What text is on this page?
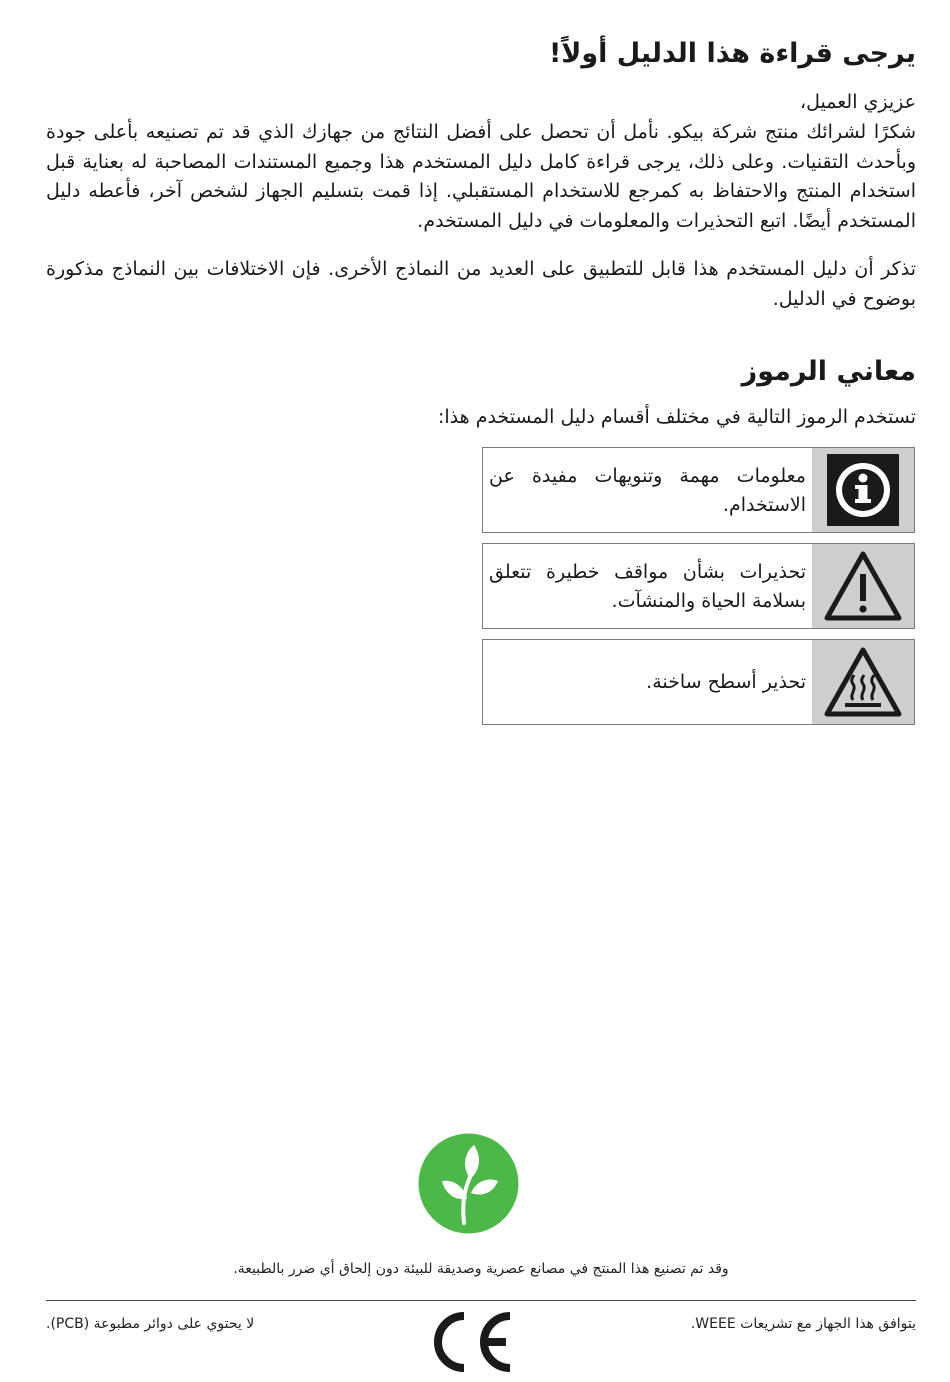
يرجى قراءة هذا الدليل أولاً!
عزيزي العميل،
شكرًا لشرائك منتج شركة بيكو. نأمل أن تحصل على أفضل النتائج من جهازك الذي قد تم تصنيعه بأعلى جودة وبأحدث التقنيات. وعلى ذلك، يرجى قراءة كامل دليل المستخدم هذا وجميع المستندات المصاحبة له بعناية قبل استخدام المنتج والاحتفاظ به كمرجع للاستخدام المستقبلي. إذا قمت بتسليم الجهاز لشخص آخر، فأعطه دليل المستخدم أيضًا. اتبع التحذيرات والمعلومات في دليل المستخدم.
تذكر أن دليل المستخدم هذا قابل للتطبيق على العديد من النماذج الأخرى. فإن الاختلافات بين النماذج مذكورة بوضوح في الدليل.
معاني الرموز
تستخدم الرموز التالية في مختلف أقسام دليل المستخدم هذا:
معلومات مهمة وتنويهات مفيدة عن الاستخدام.
تحذيرات بشأن مواقف خطيرة تتعلق بسلامة الحياة والمنشآت.
تحذير أسطح ساخنة.
وقد تم تصنيع هذا المنتج في مصانع عصرية وصديقة للبيئة دون إلحاق أي ضرر بالطبيعة.
يتوافق هذا الجهاز مع تشريعات WEEE.
لا يحتوي على دوائر مطبوعة (PCB).
